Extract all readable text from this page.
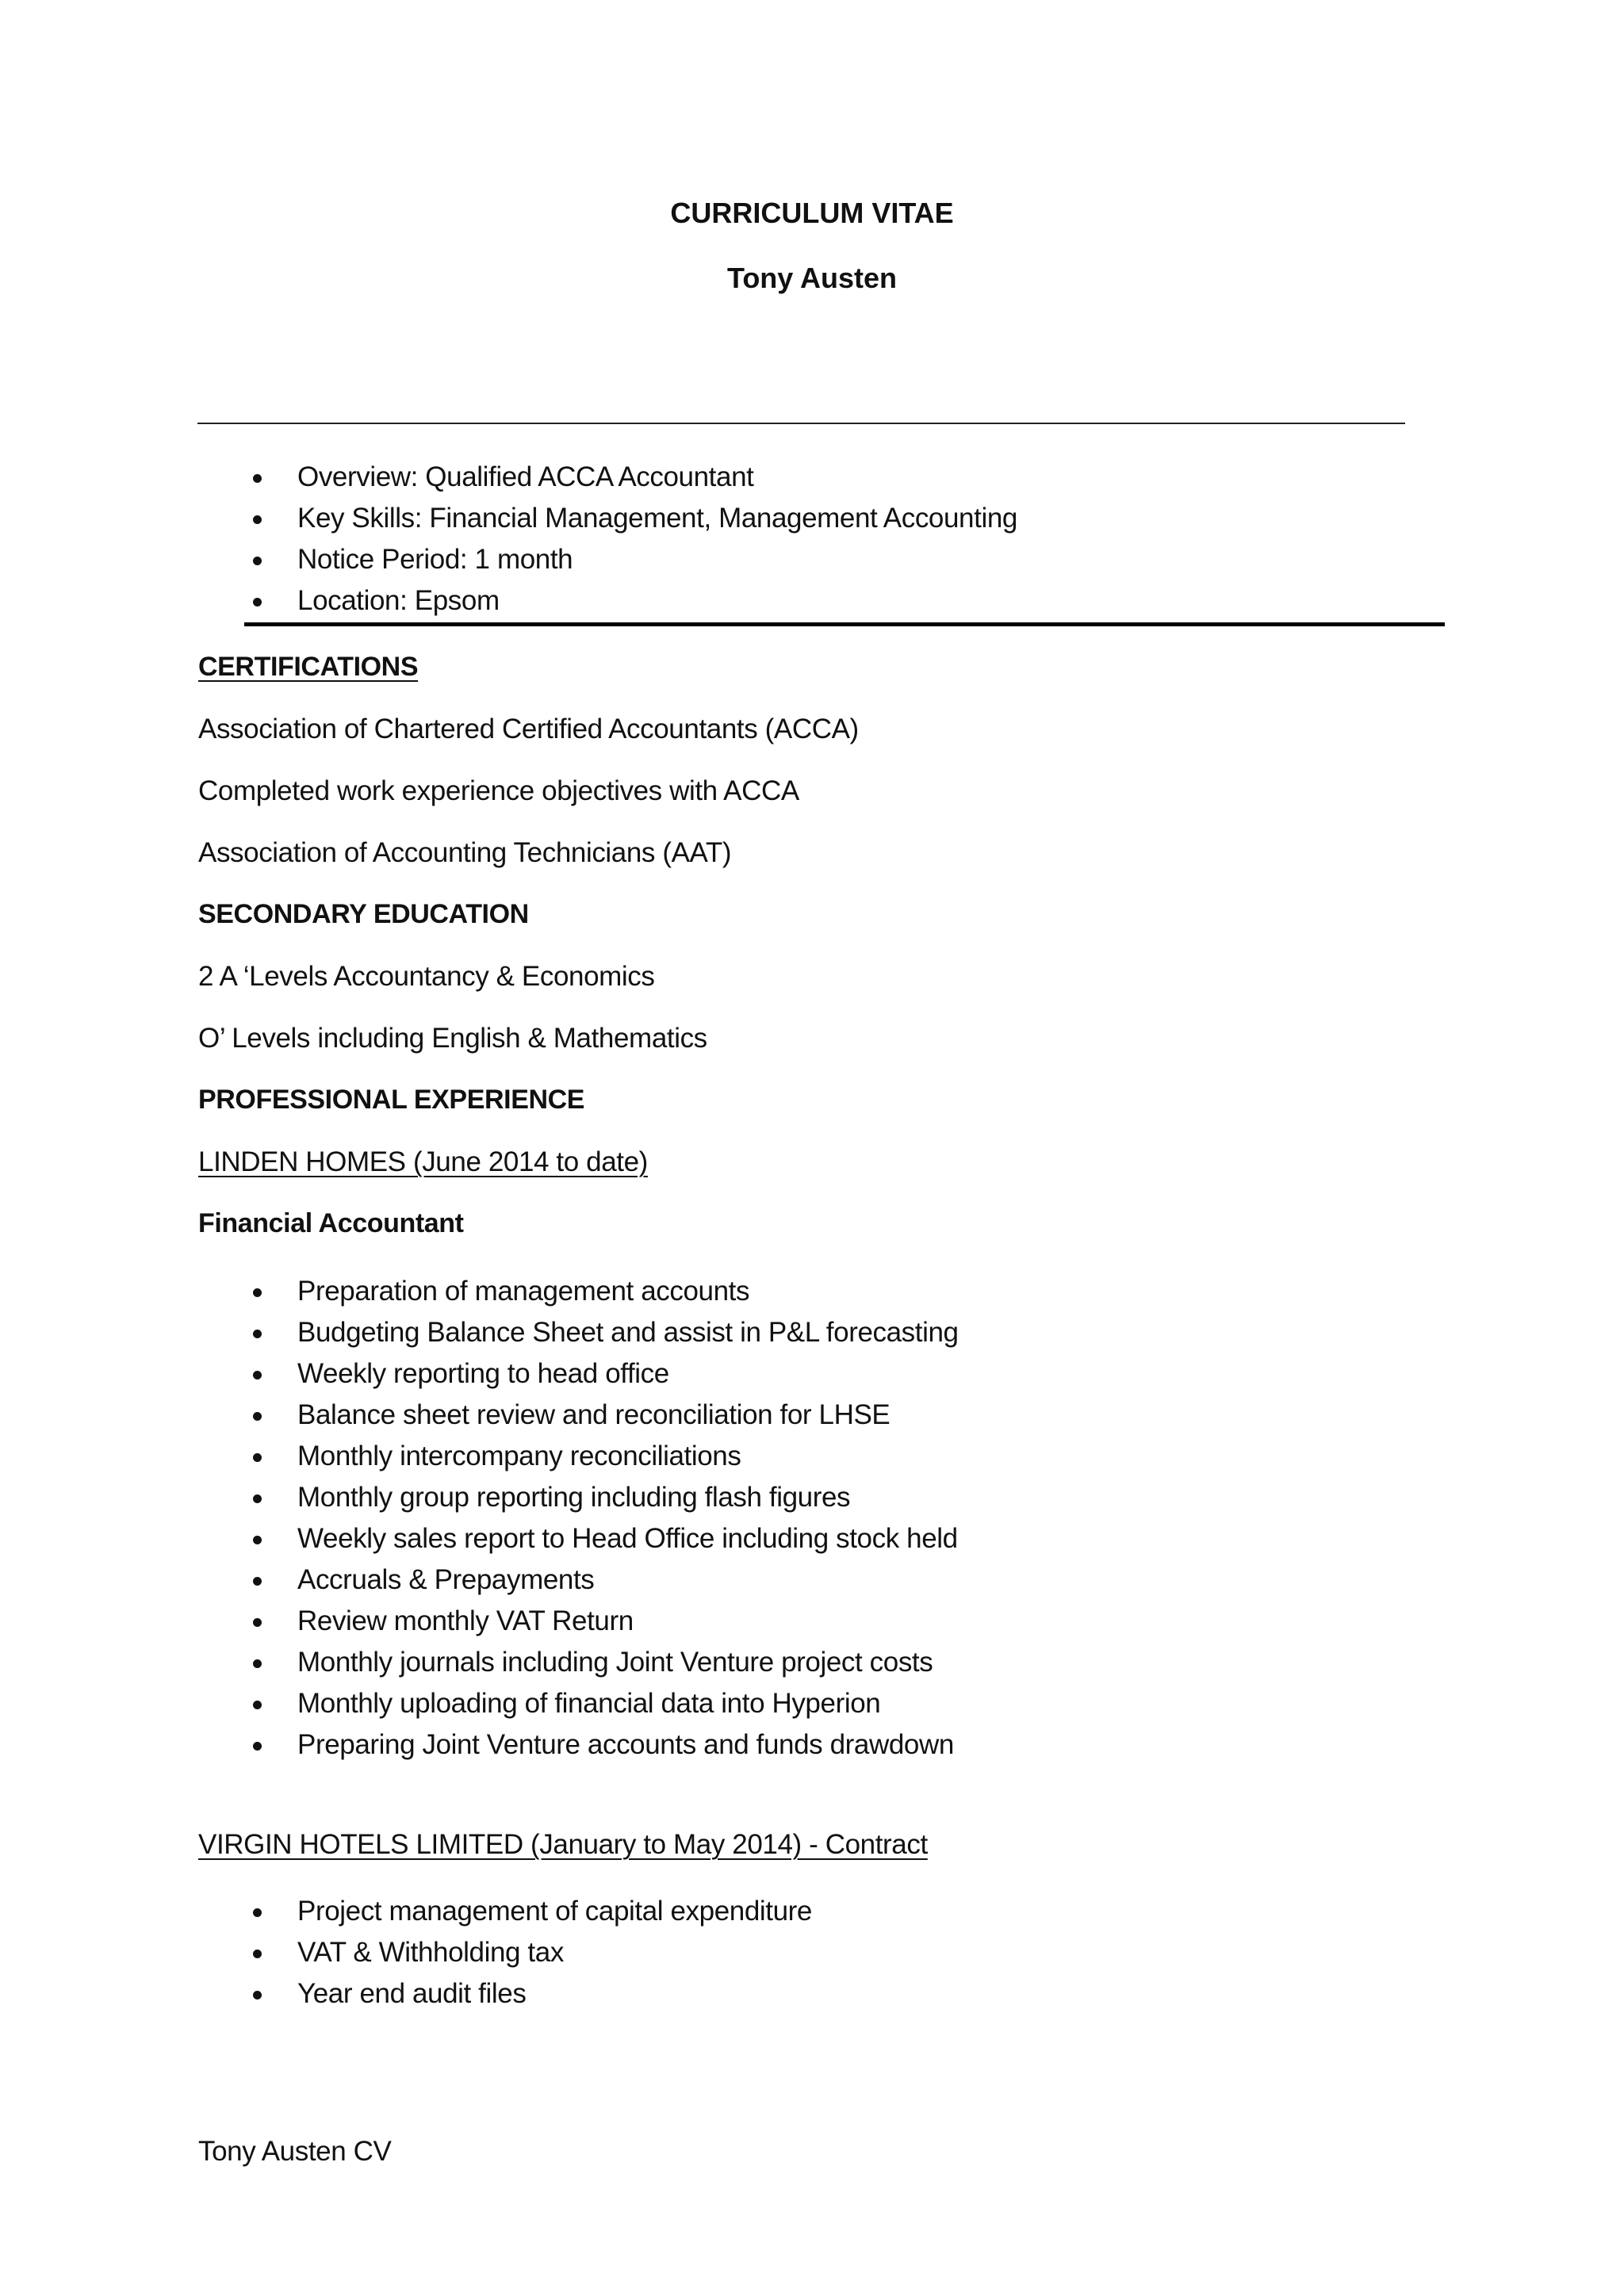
CURRICULUM VITAE
Tony Austen
Overview: Qualified ACCA Accountant
Key Skills: Financial Management, Management Accounting
Notice Period: 1 month
Location: Epsom
CERTIFICATIONS
Association of Chartered Certified Accountants (ACCA)
Completed work experience objectives with ACCA
Association of Accounting Technicians (AAT)
SECONDARY EDUCATION
2 A ‘Levels Accountancy & Economics
O’ Levels including English & Mathematics
PROFESSIONAL EXPERIENCE
LINDEN HOMES (June 2014 to date)
Financial Accountant
Preparation of management accounts
Budgeting Balance Sheet and assist in P&L forecasting
Weekly reporting to head office
Balance sheet review and reconciliation for LHSE
Monthly intercompany reconciliations
Monthly group reporting including flash figures
Weekly sales report to Head Office including stock held
Accruals & Prepayments
Review monthly VAT Return
Monthly journals including Joint Venture project costs
Monthly uploading of financial data into Hyperion
Preparing Joint Venture accounts and funds drawdown
VIRGIN HOTELS LIMITED (January to May 2014) - Contract
Project management of capital expenditure
VAT & Withholding tax
Year end audit files
Tony Austen CV
